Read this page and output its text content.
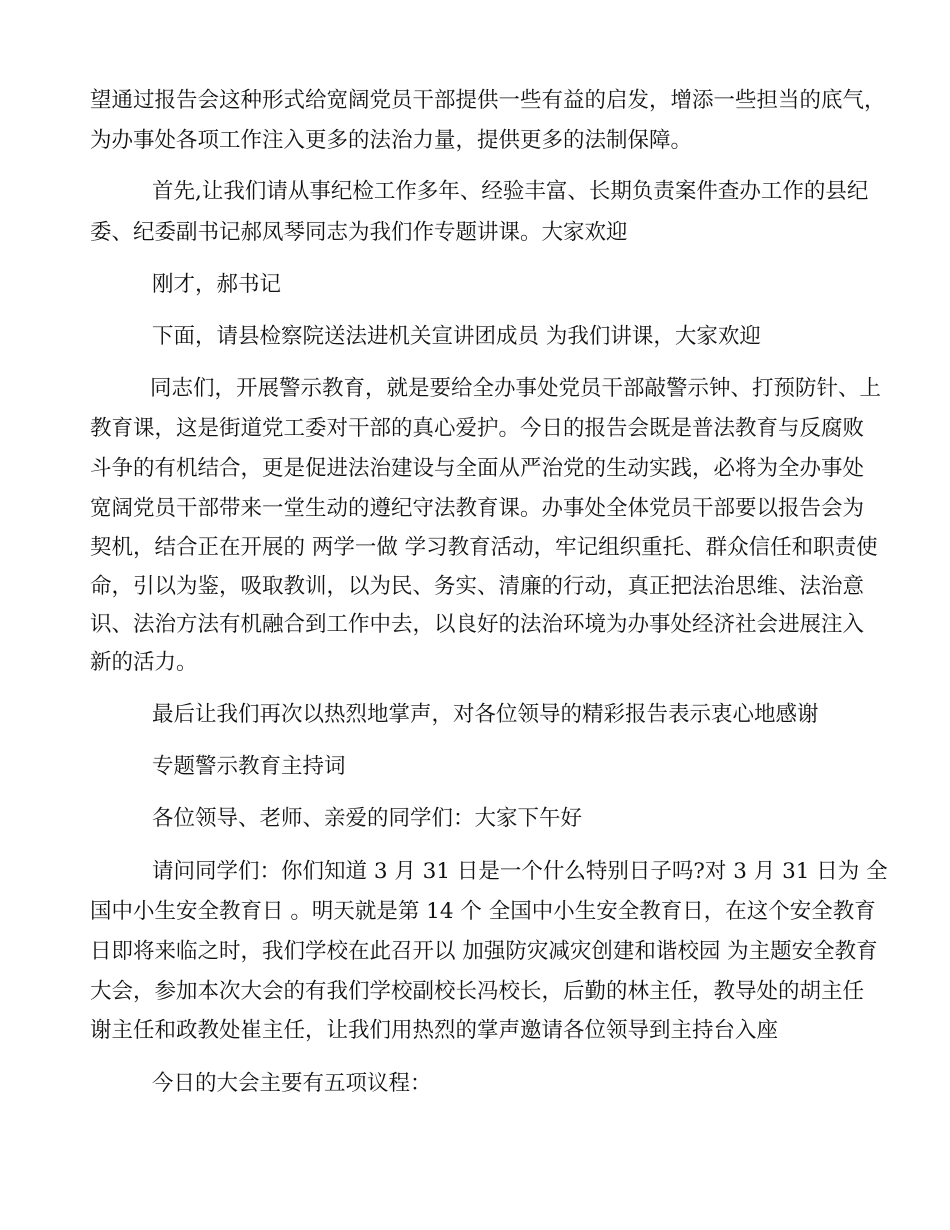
望通过报告会这种形式给宽阔党员干部提供一些有益的启发，增添一些担当的底气，
为办事处各项工作注入更多的法治力量，提供更多的法制保障。
首先,让我们请从事纪检工作多年、经验丰富、长期负责案件查办工作的县纪
委、纪委副书记郝凤琴同志为我们作专题讲课。大家欢迎
刚才，郝书记
下面，请县检察院送法进机关宣讲团成员 为我们讲课，大家欢迎
同志们，开展警示教育，就是要给全办事处党员干部敲警示钟、打预防针、上
教育课，这是街道党工委对干部的真心爱护。今日的报告会既是普法教育与反腐败
斗争的有机结合，更是促进法治建设与全面从严治党的生动实践，必将为全办事处
宽阔党员干部带来一堂生动的遵纪守法教育课。办事处全体党员干部要以报告会为
契机，结合正在开展的 两学一做 学习教育活动，牢记组织重托、群众信任和职责使
命，引以为鉴，吸取教训，以为民、务实、清廉的行动，真正把法治思维、法治意
识、法治方法有机融合到工作中去，以良好的法治环境为办事处经济社会进展注入
新的活力。
最后让我们再次以热烈地掌声，对各位领导的精彩报告表示衷心地感谢
专题警示教育主持词
各位领导、老师、亲爱的同学们：大家下午好
请问同学们：你们知道 3 月 31 日是一个什么特别日子吗?对 3 月 31 日为 全
国中小生安全教育日 。明天就是第 14 个 全国中小生安全教育日，在这个安全教育
日即将来临之时，我们学校在此召开以 加强防灾减灾创建和谐校园 为主题安全教育
大会，参加本次大会的有我们学校副校长冯校长，后勤的林主任，教导处的胡主任
谢主任和政教处崔主任，让我们用热烈的掌声邀请各位领导到主持台入座
今日的大会主要有五项议程：
